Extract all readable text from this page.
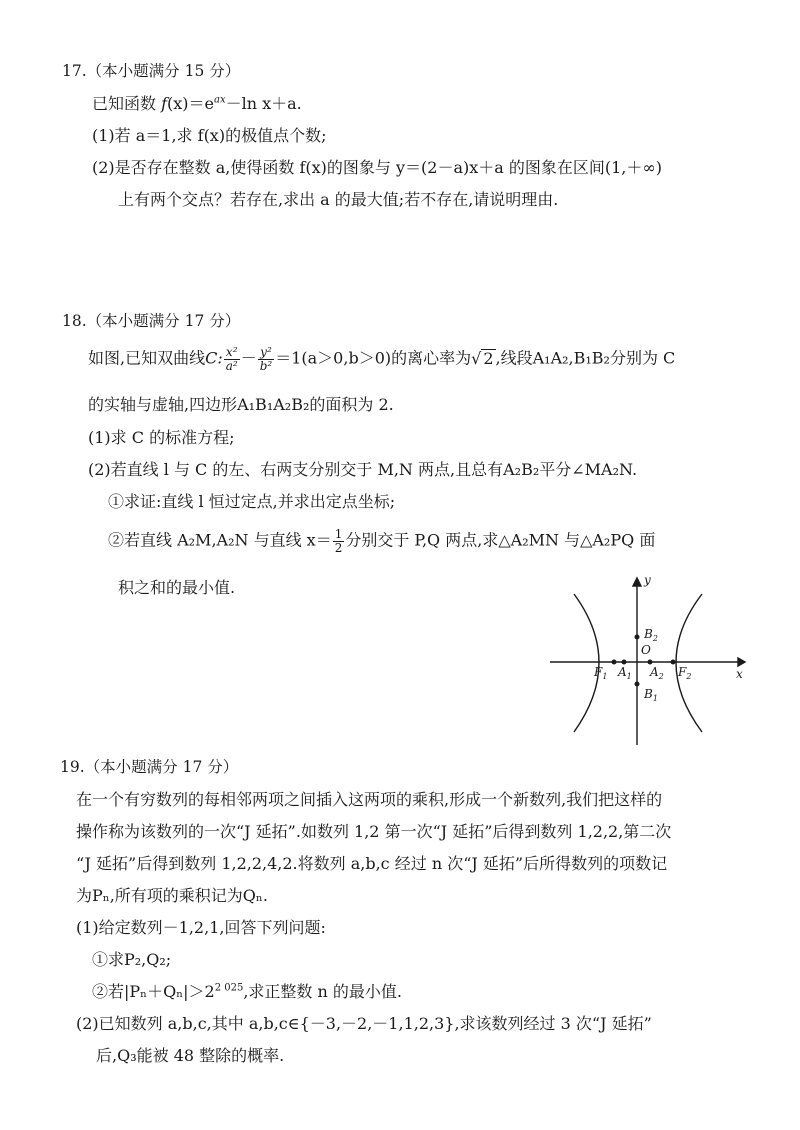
17.（本小题满分 15 分）
已知函数 $f(x)=e^{ax}-\ln$ x＋a.
(1)若 a＝1,求 f(x)的极值点个数;
(2)是否存在整数 a,使得函数 f(x)的图象与 y＝(2－a)x＋a 的图象在区间(1,＋∞)
上有两个交点？若存在,求出 a 的最大值;若不存在,请说明理由.
18.（本小题满分 17 分）
如图,已知双曲线C: $\frac{\text{x²}}{\text{a²}} - \frac{\text{y²}}{\text{b²}} =1(a>0,b>0)$的离心率为√ 2 ,线段A₁A₂,B₁B₂分别为 C
的实轴与虚轴,四边形A₁B₁A₂B₂的面积为 2.
(1)求 C 的标准方程;
(2)若直线 l 与 C 的左、右两支分别交于 M,N 两点,且总有A₂B₂平分∠MA₂N.
①求证:直线 l 恒过定点,并求出定点坐标;
②若直线 A₂M,A₂N 与直线 $x= \frac{1}{2}$ 分别交于 P,Q 两点,求△A₂MN 与△A₂PQ 面
积之和的最小值.	y
x
O
$B_2$
$B_1$
$F_1$ $A_1$ $A_2$ $F_2$
19.（本小题满分 17 分）
在一个有穷数列的每相邻两项之间插入这两项的乘积,形成一个新数列,我们把这样的
操作称为该数列的一次“J 延拓”.如数列 1,2 第一次“J 延拓”后得到数列 1,2,2,第二次
“J 延拓”后得到数列 1,2,2,4,2.将数列 a,b,c 经过 n 次“J 延拓”后所得数列的项数记
为Pₙ,所有项的乘积记为Qₙ.
(1)给定数列－1,2,1,回答下列问题:
①求P₂,Q₂;
②若$|P_n+Q_n|>2^{2 025}$,求正整数 n 的最小值.
(2)已知数列 a,b,c,其中 a,b,c∈{－3,－2,－1,1,2,3},求该数列经过 3 次“J 延拓”
后,Q₃能被 48 整除的概率.
